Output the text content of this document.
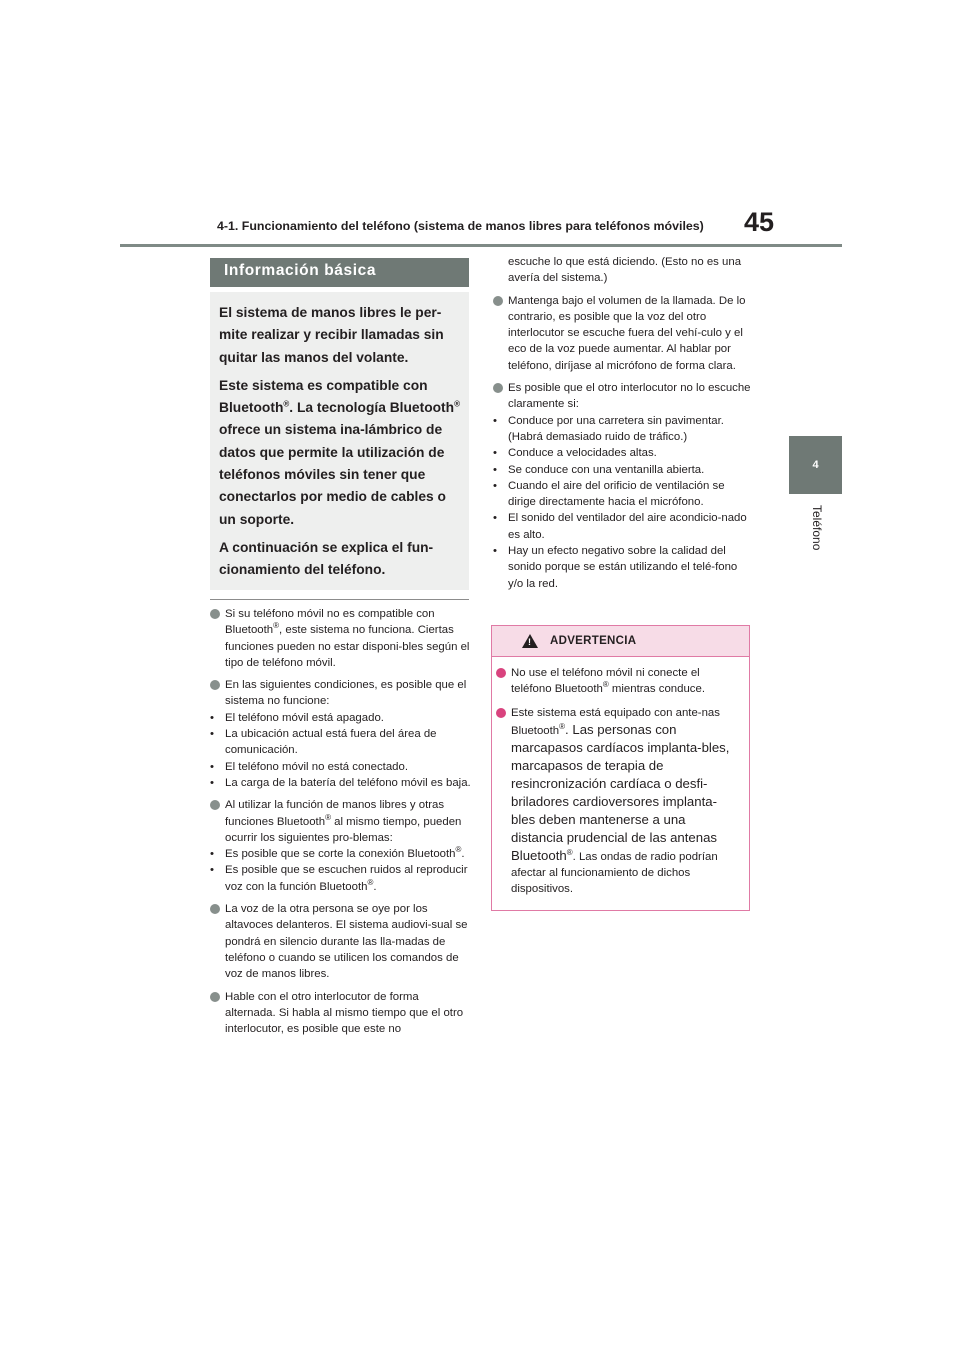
4-1. Funcionamiento del teléfono (sistema de manos libres para teléfonos móviles)	45
4
Teléfono
Información básica

El sistema de manos libres le per-mite realizar y recibir llamadas sin quitar las manos del volante.

Este sistema es compatible con Bluetooth®. La tecnología Bluetooth® ofrece un sistema ina-lámbrico de datos que permite la utilización de teléfonos móviles sin tener que conectarlos por medio de cables o un soporte.

A continuación se explica el fun-cionamiento del teléfono.

Si su teléfono móvil no es compatible con Bluetooth®, este sistema no funciona. Ciertas funciones pueden no estar disponi-bles según el tipo de teléfono móvil.
En las siguientes condiciones, es posible que el sistema no funcione:
• El teléfono móvil está apagado.
• La ubicación actual está fuera del área de comunicación.
• El teléfono móvil no está conectado.
• La carga de la batería del teléfono móvil es baja.
Al utilizar la función de manos libres y otras funciones Bluetooth® al mismo tiempo, pueden ocurrir los siguientes pro-blemas:
• Es posible que se corte la conexión Bluetooth®.
• Es posible que se escuchen ruidos al reproducir voz con la función Bluetooth®.
La voz de la otra persona se oye por los altavoces delanteros. El sistema audiovi-sual se pondrá en silencio durante las lla-madas de teléfono o cuando se utilicen los comandos de voz de manos libres.
Hable con el otro interlocutor de forma alternada. Si habla al mismo tiempo que el otro interlocutor, es posible que este no
escuche lo que está diciendo. (Esto no es una avería del sistema.)
Mantenga bajo el volumen de la llamada. De lo contrario, es posible que la voz del otro interlocutor se escuche fuera del vehí-culo y el eco de la voz puede aumentar. Al hablar por teléfono, diríjase al micrófono de forma clara.
Es posible que el otro interlocutor no lo escuche claramente si:
• Conduce por una carretera sin pavimentar. (Habrá demasiado ruido de tráfico.)
• Conduce a velocidades altas.
• Se conduce con una ventanilla abierta.
• Cuando el aire del orificio de ventilación se dirige directamente hacia el micrófono.
• El sonido del ventilador del aire acondicio-nado es alto.
• Hay un efecto negativo sobre la calidad del sonido porque se están utilizando el telé-fono y/o la red.
! ADVERTENCIA
No use el teléfono móvil ni conecte el teléfono Bluetooth® mientras conduce.
Este sistema está equipado con ante-nas Bluetooth®. Las personas con marcapasos cardíacos implanta-bles, marcapasos de terapia de resincronización cardíaca o desfi-briladores cardioversores implanta-bles deben mantenerse a una distancia prudencial de las antenas Bluetooth®. Las ondas de radio podrían afectar al funcionamiento de dichos dispositivos.
